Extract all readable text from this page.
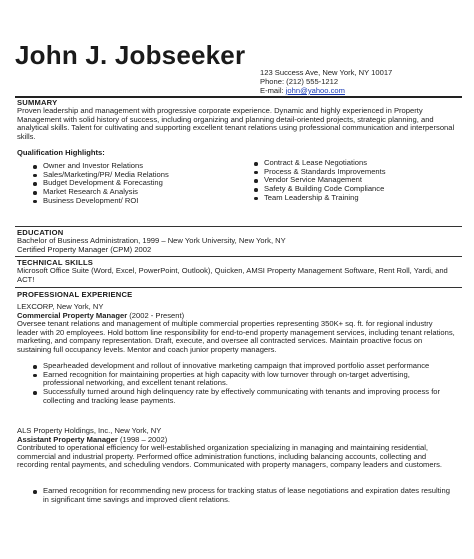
John J. Jobseeker
123 Success Ave, New York, NY 10017
Phone: (212) 555-1212
E-mail: john@yahoo.com
SUMMARY
Proven leadership and management with progressive corporate experience. Dynamic and highly experienced in Property Management with solid history of success, including organizing and planning detail-oriented projects, strategic planning, and analytical skills. Talent for cultivating and supporting excellent tenant relations using professional communication and interpersonal skills.
Qualification Highlights:
Owner and Investor Relations
Sales/Marketing/PR/ Media Relations
Budget Development & Forecasting
Market Research & Analysis
Business Development/ ROI
Contract & Lease Negotiations
Process & Standards Improvements
Vendor Service Management
Safety & Building Code Compliance
Team Leadership & Training
EDUCATION
Bachelor of Business Administration, 1999 – New York University, New York, NY
Certified Property Manager (CPM) 2002
TECHNICAL SKILLS
Microsoft Office Suite (Word, Excel, PowerPoint, Outlook), Quicken, AMSI Property Management Software, Rent Roll, Yardi, and ACT!
PROFESSIONAL EXPERIENCE
LEXCORP, New York, NY
Commercial Property Manager (2002 - Present)
Oversee tenant relations and management of multiple commercial properties representing 350K+ sq. ft. for regional industry leader with 20 employees. Hold bottom line responsibility for end-to-end property management services, including tenant relations, marketing, and company representation. Draft, execute, and oversee all contracted services. Maintain proactive focus on sustaining full occupancy levels. Mentor and coach junior property managers.
Spearheaded development and rollout of innovative marketing campaign that improved portfolio asset performance
Earned recognition for maintaining properties at high capacity with low turnover through on-target advertising, professional networking, and excellent tenant relations.
Successfully turned around high delinquency rate by effectively communicating with tenants and improving process for collecting and tracking lease payments.
ALS Property Holdings, Inc., New York, NY
Assistant Property Manager (1998 – 2002)
Contributed to operational efficiency for well-established organization specializing in managing and maintaining residential, commercial and industrial property. Performed office administration functions, including balancing accounts, collecting and recording rental payments, and scheduling vendors. Communicated with property managers, company leaders and customers.
Earned recognition for recommending new process for tracking status of lease negotiations and expiration dates resulting in significant time savings and improved client relations.
